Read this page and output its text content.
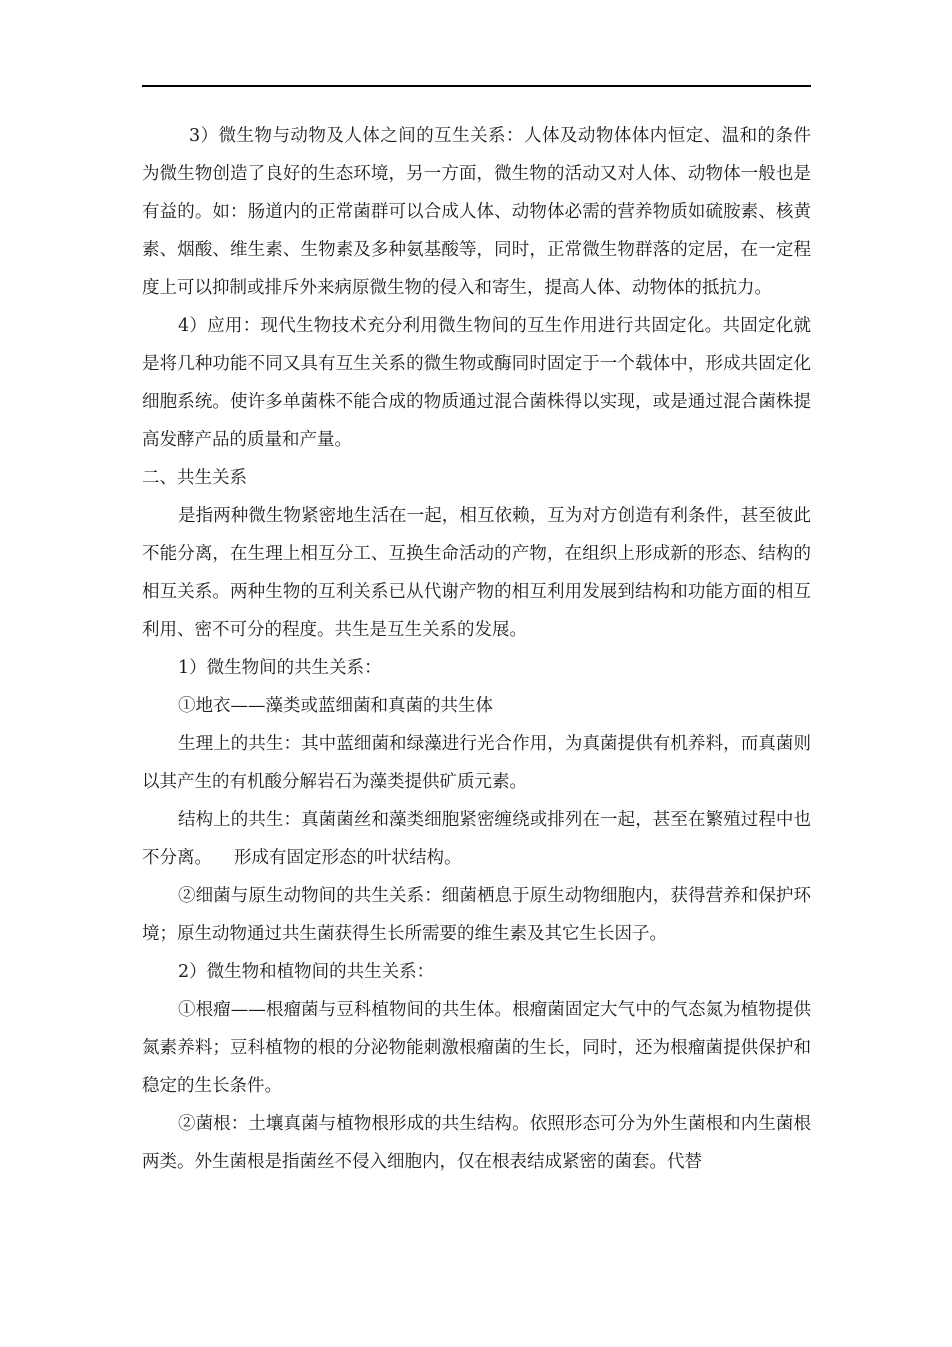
3）微生物与动物及人体之间的互生关系：人体及动物体体内恒定、温和的条件为微生物创造了良好的生态环境，另一方面，微生物的活动又对人体、动物体一般也是有益的。如：肠道内的正常菌群可以合成人体、动物体必需的营养物质如硫胺素、核黄素、烟酸、维生素、生物素及多种氨基酸等，同时，正常微生物群落的定居，在一定程度上可以抑制或排斥外来病原微生物的侵入和寄生，提高人体、动物体的抵抗力。

4）应用：现代生物技术充分利用微生物间的互生作用进行共固定化。共固定化就是将几种功能不同又具有互生关系的微生物或酶同时固定于一个载体中，形成共固定化细胞系统。使许多单菌株不能合成的物质通过混合菌株得以实现，或是通过混合菌株提高发酵产品的质量和产量。

二、共生关系

是指两种微生物紧密地生活在一起，相互依赖，互为对方创造有利条件，甚至彼此不能分离，在生理上相互分工、互换生命活动的产物，在组织上形成新的形态、结构的相互关系。两种生物的互利关系已从代谢产物的相互利用发展到结构和功能方面的相互利用、密不可分的程度。共生是互生关系的发展。

1）微生物间的共生关系：

①地衣——藻类或蓝细菌和真菌的共生体

生理上的共生：其中蓝细菌和绿藻进行光合作用，为真菌提供有机养料，而真菌则以其产生的有机酸分解岩石为藻类提供矿质元素。

结构上的共生：真菌菌丝和藻类细胞紧密缠绕或排列在一起，甚至在繁殖过程中也不分离。 形成有固定形态的叶状结构。

②细菌与原生动物间的共生关系：细菌栖息于原生动物细胞内，获得营养和保护环境；原生动物通过共生菌获得生长所需要的维生素及其它生长因子。

2）微生物和植物间的共生关系：

①根瘤——根瘤菌与豆科植物间的共生体。根瘤菌固定大气中的气态氮为植物提供氮素养料；豆科植物的根的分泌物能刺激根瘤菌的生长，同时，还为根瘤菌提供保护和稳定的生长条件。

②菌根：土壤真菌与植物根形成的共生结构。依照形态可分为外生菌根和内生菌根两类。外生菌根是指菌丝不侵入细胞内，仅在根表结成紧密的菌套。代替
